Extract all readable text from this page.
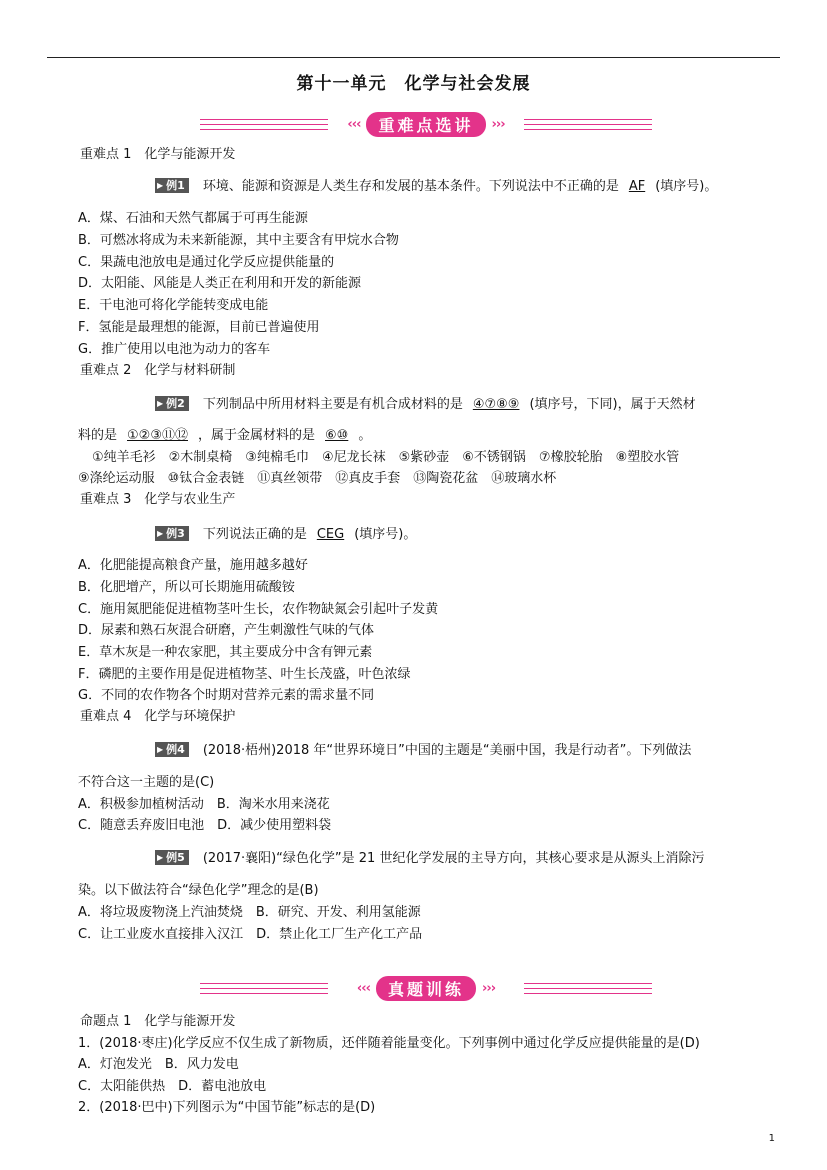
第十一单元　化学与社会发展
‹‹‹	重难点选讲	›››
重难点 1　化学与能源开发
▶ 例1 环境、能源和资源是人类生存和发展的基本条件。下列说法中不正确的是 AF (填序号)。
A．煤、石油和天然气都属于可再生能源
B．可燃冰将成为未来新能源，其中主要含有甲烷水合物
C．果蔬电池放电是通过化学反应提供能量的
D．太阳能、风能是人类正在利用和开发的新能源
E．干电池可将化学能转变成电能
F．氢能是最理想的能源，目前已普遍使用
G．推广使用以电池为动力的客车
重难点 2　化学与材料研制
▶ 例2 下列制品中所用材料主要是有机合成材料的是 ④⑦⑧⑨ (填序号，下同)，属于天然材
料的是 ①②③⑪⑫ ，属于金属材料的是 ⑥⑩ 。
①纯羊毛衫　②木制桌椅　③纯棉毛巾　④尼龙长袜　⑤紫砂壶　⑥不锈钢锅　⑦橡胶轮胎　⑧塑胶水管
⑨涤纶运动服　⑩钛合金表链　⑪真丝领带　⑫真皮手套　⑬陶瓷花盆　⑭玻璃水杯
重难点 3　化学与农业生产
▶ 例3 下列说法正确的是 CEG (填序号)。
A．化肥能提高粮食产量，施用越多越好
B．化肥增产，所以可长期施用硫酸铵
C．施用氮肥能促进植物茎叶生长，农作物缺氮会引起叶子发黄
D．尿素和熟石灰混合研磨，产生刺激性气味的气体
E．草木灰是一种农家肥，其主要成分中含有钾元素
F．磷肥的主要作用是促进植物茎、叶生长茂盛，叶色浓绿
G．不同的农作物各个时期对营养元素的需求量不同
重难点 4　化学与环境保护
▶ 例4 (2018·梧州)2018 年“世界环境日”中国的主题是“美丽中国，我是行动者”。下列做法
不符合这一主题的是(C)
A．积极参加植树活动　B．淘米水用来浇花
C．随意丢弃废旧电池　D．减少使用塑料袋
▶ 例5 (2017·襄阳)“绿色化学”是 21 世纪化学发展的主导方向，其核心要求是从源头上消除污
染。以下做法符合“绿色化学”理念的是(B)
A．将垃圾废物浇上汽油焚烧　B．研究、开发、利用氢能源
C．让工业废水直接排入汉江　D．禁止化工厂生产化工产品
‹‹‹	真题训练	›››
命题点 1　化学与能源开发
1．(2018·枣庄)化学反应不仅生成了新物质，还伴随着能量变化。下列事例中通过化学反应提供能量的是(D)
A．灯泡发光　B．风力发电
C．太阳能供热　D．蓄电池放电
2．(2018·巴中)下列图示为“中国节能”标志的是(D)
1
